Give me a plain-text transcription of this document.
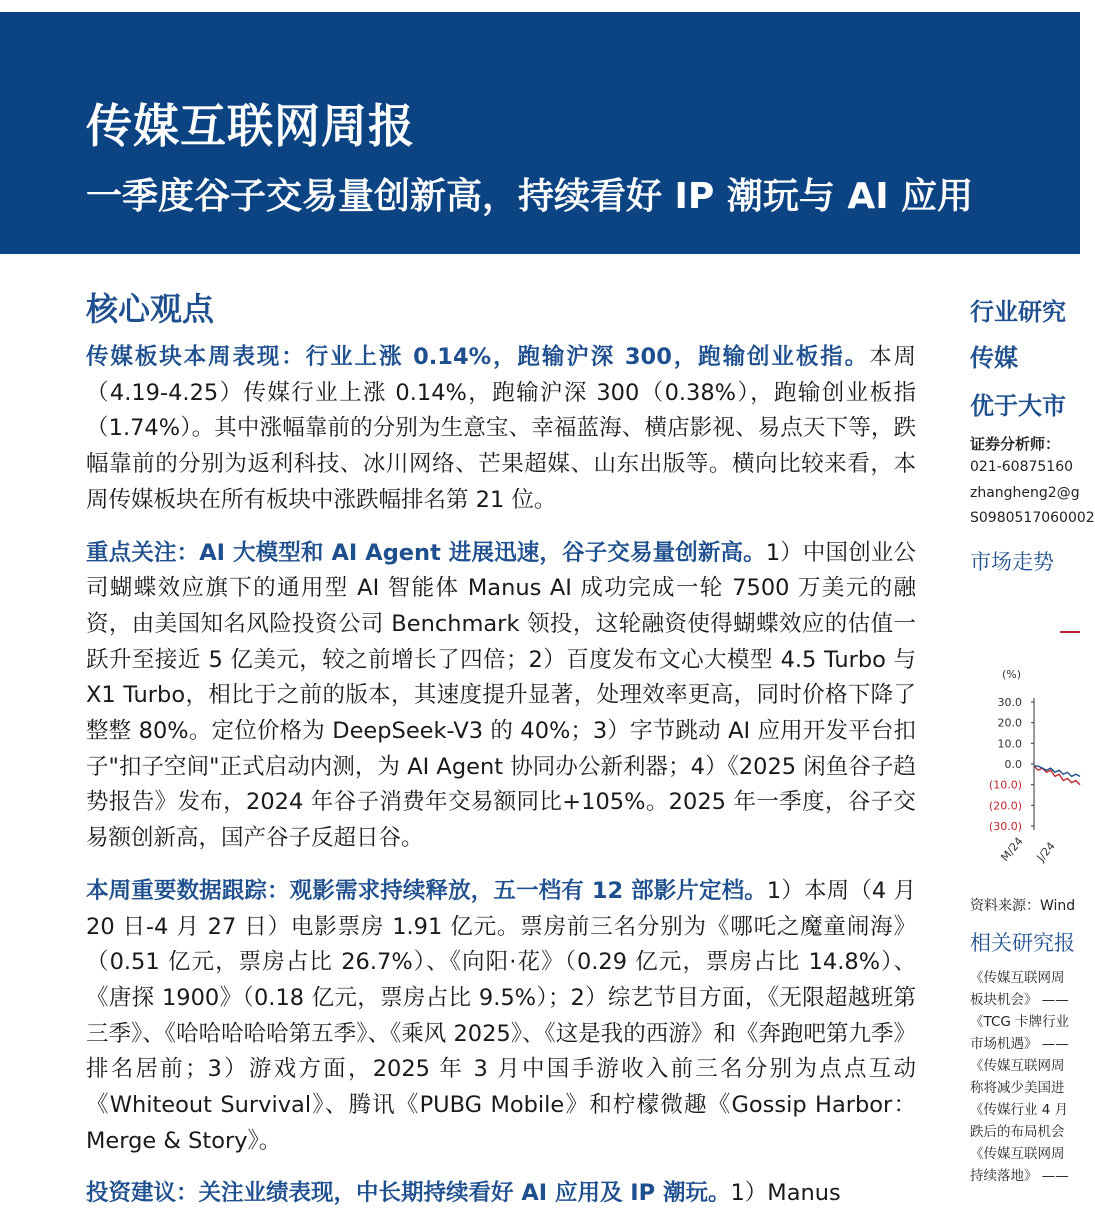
传媒互联网周报
一季度谷子交易量创新高，持续看好 IP 潮玩与 AI 应用
核心观点

传媒板块本周表现：行业上涨 0.14%，跑输沪深 300，跑输创业板指。本周（4.19-4.25）传媒行业上涨 0.14%，跑输沪深 300（0.38%），跑输创业板指（1.74%）。其中涨幅靠前的分别为生意宝、幸福蓝海、横店影视、易点天下等，跌幅靠前的分别为返利科技、冰川网络、芒果超媒、山东出版等。横向比较来看，本周传媒板块在所有板块中涨跌幅排名第 21 位。

重点关注：AI 大模型和 AI Agent 进展迅速，谷子交易量创新高。1）中国创业公司蝴蝶效应旗下的通用型 AI 智能体 Manus AI 成功完成一轮 7500 万美元的融资，由美国知名风险投资公司 Benchmark 领投，这轮融资使得蝴蝶效应的估值一跃升至接近 5 亿美元，较之前增长了四倍；2）百度发布文心大模型 4.5 Turbo 与 X1 Turbo，相比于之前的版本，其速度提升显著，处理效率更高，同时价格下降了整整 80%。定位价格为 DeepSeek-V3 的 40%；3）字节跳动 AI 应用开发平台扣子"扣子空间"正式启动内测，为 AI Agent 协同办公新利器；4）《2025 闲鱼谷子趋势报告》发布，2024 年谷子消费年交易额同比+105%。2025 年一季度，谷子交易额创新高，国产谷子反超日谷。

本周重要数据跟踪：观影需求持续释放，五一档有 12 部影片定档。1）本周（4 月 20 日-4 月 27 日）电影票房 1.91 亿元。票房前三名分别为《哪吒之魔童闹海》（0.51 亿元，票房占比 26.7%）、《向阳·花》（0.29 亿元，票房占比 14.8%）、《唐探 1900》（0.18 亿元，票房占比 9.5%）；2）综艺节目方面，《无限超越班第三季》、《哈哈哈哈哈第五季》、《乘风 2025》、《这是我的西游》和《奔跑吧第九季》排名居前；3）游戏方面，2025 年 3 月中国手游收入前三名分别为点点互动《Whiteout Survival》、腾讯《PUBG Mobile》和柠檬微趣《Gossip Harbor：Merge & Story》。

投资建议：关注业绩表现，中长期持续看好 AI 应用及 IP 潮玩。1）Manus

行业研究
传媒
优于大市
证券分析师：
021-60875160
zhangheng2@g
S0980517060002
市场走势
资料来源：Wind
相关研究报
《传媒互联网周
板块机会》 ——
《TCG 卡牌行业
市场机遇》 ——
《传媒互联网周
称将减少美国进
《传媒行业 4 月
跌后的布局机会
《传媒互联网周
持续落地》 ——
(%)
30.0
20.0
10.0
0.0
(10.0)
(20.0)
(30.0)
M/24 J/24
